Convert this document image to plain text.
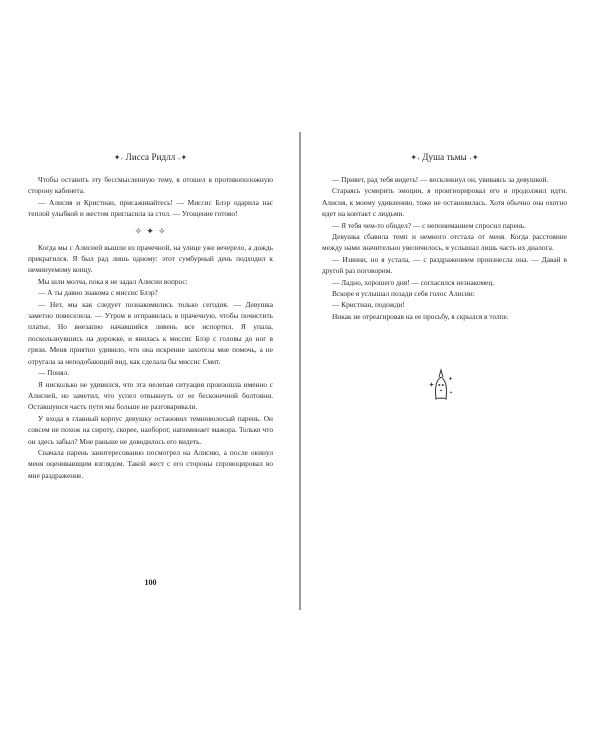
✦˖ Лисса Ридлл ˖✦

Чтобы оставить эту бессмысленную тему, я отошел в противоположную сторону кабинета.

— Алисия и Кристиан, присаживайтесь! — Миссис Блэр одарила нас теплой улыбкой и жестом пригласила за стол. — Угощение готово!

✧ ✦ ✧

Когда мы с Алисией вышли из прачечной, на улице уже вечерело, а дождь прекратился. Я был рад лишь одному: этот сумбурный день подходил к неминуемому концу.

Мы шли молча, пока я не задал Алисии вопрос:

— А ты давно знакома с миссис Блэр?

— Нет, мы как следует познакомились только сегодня. — Девушка заметно повеселела. — Утром я отправилась в прачечную, чтобы почистить платье. Но внезапно начавшийся ливень все испортил. Я упала, поскользнувшись на дорожке, и явилась к миссис Блэр с головы до ног в грязи. Меня приятно удивило, что она искренне захотела мне помочь, а не отругала за неподобающий вид, как сделала бы миссис Смит.

— Понял.

Я нисколько не удивился, что эта нелепая ситуация произошла именно с Алисией, но заметил, что успел отвыкнуть от ее бесконечной болтовни. Оставшуюся часть пути мы больше не разговаривали.

У входа в главный корпус девушку остановил темноволосый парень. Он совсем не похож на сироту, скорее, наоборот, напоминает мажора. Только что он здесь забыл? Мне раньше не доводилось его видеть.

Сначала парень заинтересованно посмотрел на Алисию, а после окинул меня оценивающим взглядом. Такой жест с его стороны спровоцировал во мне раздражение.

100
✦˖ Душа тьмы ˖✦

— Привет, рад тебя видеть! — воскликнул он, увиваясь за девушкой.

Стараясь усмирить эмоции, я проигнорировал его и продолжил идти. Алисия, к моему удивлению, тоже не остановилась. Хотя обычно она охотно идет на контакт с людьми.

— Я тебя чем-то обидел? — с непониманием спросил парень.

Девушка сбавила темп и немного отстала от меня. Когда расстояние между нами значительно увеличилось, я услышал лишь часть их диалога.

— Извини, но я устала, — с раздражением произнесла она. — Давай в другой раз поговорим.

— Ладно, хорошего дня! — согласился незнакомец.

Вскоре я услышал позади себя голос Алисии:

— Кристиан, подожди!

Никак не отреагировав на ее просьбу, я скрылся в толпе.
